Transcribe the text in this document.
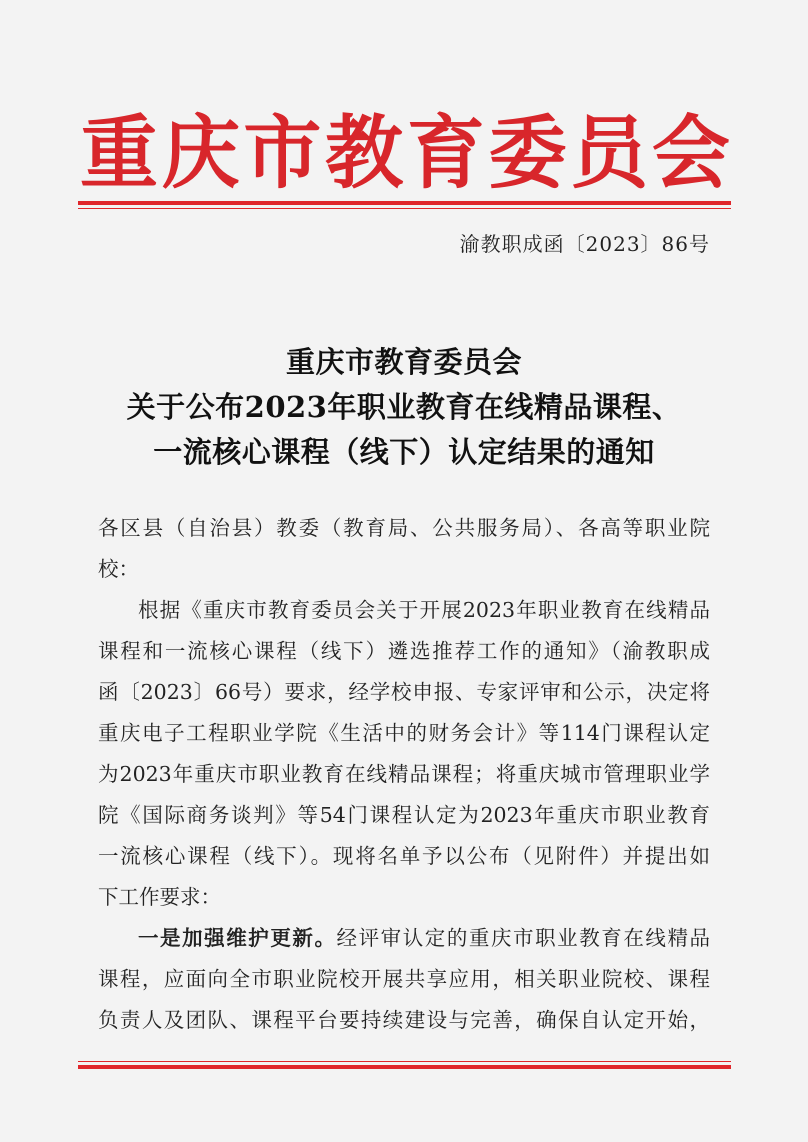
重 庆 市 教 育 委 员 会
渝教职成函〔2023〕86号
重庆市教育委员会
关于公布2023年职业教育在线精品课程、
一流核心课程（线下）认定结果的通知
各区县（自治县）教委（教育局、公共服务局）、各高等职业院
校：
根据《重庆市教育委员会关于开展2023年职业教育在线精品
课程和一流核心课程（线下）遴选推荐工作的通知》（渝教职成
函〔2023〕66号）要求，经学校申报、专家评审和公示，决定将
重庆电子工程职业学院《生活中的财务会计》等114门课程认定
为2023年重庆市职业教育在线精品课程；将重庆城市管理职业学
院《国际商务谈判》等54门课程认定为2023年重庆市职业教育
一流核心课程（线下）。现将名单予以公布（见附件）并提出如
下工作要求：
一是加强维护更新。经评审认定的重庆市职业教育在线精品
课程，应面向全市职业院校开展共享应用，相关职业院校、课程
负责人及团队、课程平台要持续建设与完善，确保自认定开始，
